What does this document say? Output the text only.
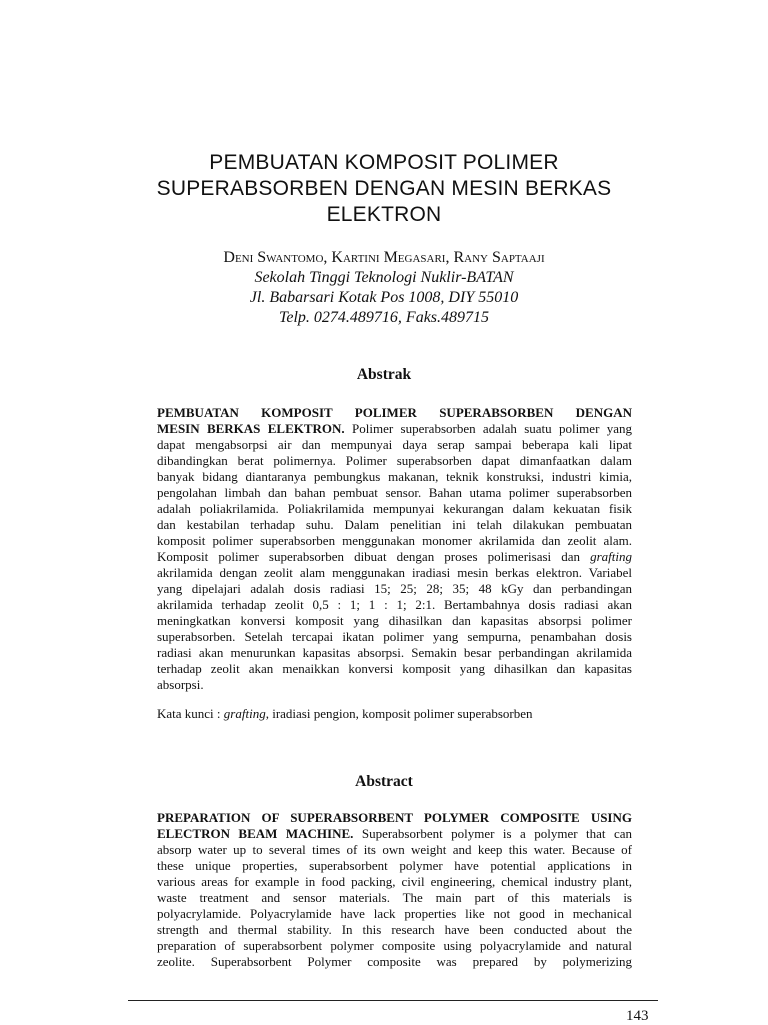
PEMBUATAN KOMPOSIT POLIMER
SUPERABSORBEN DENGAN MESIN BERKAS
ELEKTRON
Deni Swantomo, Kartini Megasari, Rany Saptaaji
Sekolah Tinggi Teknologi Nuklir-BATAN
Jl. Babarsari Kotak Pos 1008, DIY 55010
Telp. 0274.489716, Faks.489715
Abstrak
PEMBUATAN KOMPOSIT POLIMER SUPERABSORBEN DENGAN
MESIN BERKAS ELEKTRON. Polimer superabsorben adalah suatu polimer yang
dapat mengabsorpsi air dan mempunyai daya serap sampai beberapa kali lipat
dibandingkan berat polimernya. Polimer superabsorben dapat dimanfaatkan dalam
banyak bidang diantaranya pembungkus makanan, teknik konstruksi, industri kimia,
pengolahan limbah dan bahan pembuat sensor. Bahan utama polimer superabsorben
adalah poliakrilamida. Poliakrilamida mempunyai kekurangan dalam kekuatan fisik
dan kestabilan terhadap suhu. Dalam penelitian ini telah dilakukan pembuatan
komposit polimer superabsorben menggunakan monomer akrilamida dan zeolit alam.
Komposit polimer superabsorben dibuat dengan proses polimerisasi dan grafting
akrilamida dengan zeolit alam menggunakan iradiasi mesin berkas elektron. Variabel
yang dipelajari adalah dosis radiasi 15; 25; 28; 35; 48 kGy dan perbandingan
akrilamida terhadap zeolit 0,5 : 1; 1 : 1; 2:1. Bertambahnya dosis radiasi akan
meningkatkan konversi komposit yang dihasilkan dan kapasitas absorpsi polimer
superabsorben. Setelah tercapai ikatan polimer yang sempurna, penambahan dosis
radiasi akan menurunkan kapasitas absorpsi. Semakin besar perbandingan akrilamida
terhadap zeolit akan menaikkan konversi komposit yang dihasilkan dan kapasitas
absorpsi.
Kata kunci : grafting, iradiasi pengion, komposit polimer superabsorben
Abstract
PREPARATION OF SUPERABSORBENT POLYMER COMPOSITE USING
ELECTRON BEAM MACHINE. Superabsorbent polymer is a polymer that can
absorp water up to several times of its own weight and keep this water. Because of
these unique properties, superabsorbent polymer have potential applications in
various areas for example in food packing, civil engineering, chemical industry plant,
waste treatment and sensor materials. The main part of this materials is
polyacrylamide. Polyacrylamide have lack properties like not good in mechanical
strength and thermal stability. In this research have been conducted about the
preparation of superabsorbent polymer composite using polyacrylamide and natural
zeolite. Superabsorbent Polymer composite was prepared by polymerizing
143
